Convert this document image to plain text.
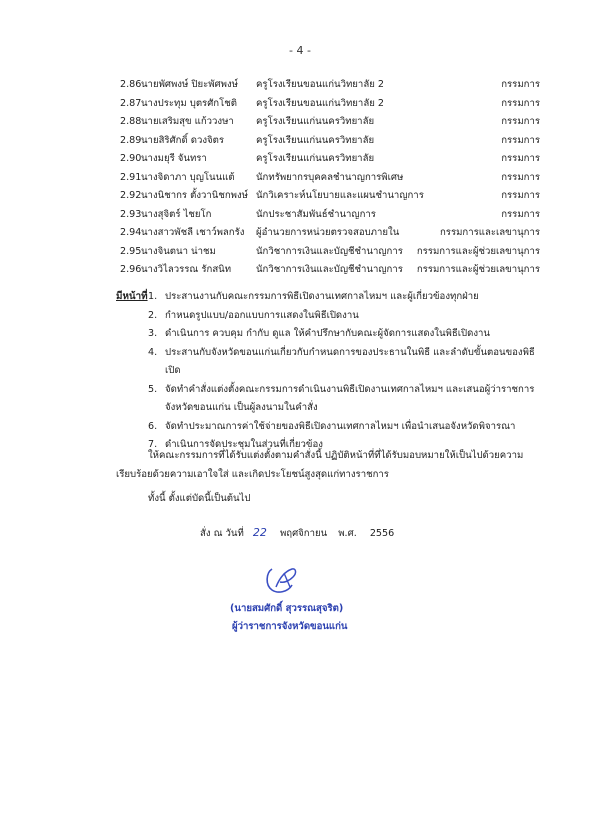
- 4 -
2.86 นายพัศพงษ์ ปิยะพัศพงษ์ ครูโรงเรียนขอนแก่นวิทยาลัย 2	กรรมการ
2.87 นางประทุม บุตรศักโชติ ครูโรงเรียนขอนแก่นวิทยาลัย 2	กรรมการ
2.88 นายเสริมสุข แก้ววงษา ครูโรงเรียนแก่นนครวิทยาลัย	กรรมการ
2.89 นายสิริศักดิ์ ดวงจิตร	ครูโรงเรียนแก่นนครวิทยาลัย	กรรมการ
2.90 นางมยุรี จันทรา	ครูโรงเรียนแก่นนครวิทยาลัย	กรรมการ
2.91 นางจิดาภา บุญโนนแต้ นักทรัพยากรบุคคลชำนาญการพิเศษ	กรรมการ
2.92 นางนิชากร ตั้งวานิชกพงษ์ นักวิเคราะห์นโยบายและแผนชำนาญการ	กรรมการ
2.93 นางสุจิตร์ ไชยโก	นักประชาสัมพันธ์ชำนาญการ	กรรมการ
2.94 นางสาวพัชลี เชาว์พลกรัง ผู้อำนวยการหน่วยตรวจสอบภายใน	กรรมการและเลขานุการ
2.95 นางจินตนา น่าชม	นักวิชาการเงินและบัญชีชำนาญการ กรรมการและผู้ช่วยเลขานุการ
2.96 นางวิไลวรรณ รักสนิท	นักวิชาการเงินและบัญชีชำนาญการ กรรมการและผู้ช่วยเลขานุการ
มีหน้าที่ 1. ประสานงานกับคณะกรรมการพิธีเปิดงานเทศกาลไหมฯ และผู้เกี่ยวข้องทุกฝ่าย
2. กำหนดรูปแบบ/ออกแบบการแสดงในพิธีเปิดงาน
3. ดำเนินการ ควบคุม กำกับ ดูแล ให้คำปรึกษากับคณะผู้จัดการแสดงในพิธีเปิดงาน
4. ประสานกับจังหวัดขอนแก่นเกี่ยวกับกำหนดการของประธานในพิธี และลำดับขั้นตอนของพิธีเปิด
5. จัดทำคำสั่งแต่งตั้งคณะกรรมการดำเนินงานพิธีเปิดงานเทศกาลไหมฯ และเสนอผู้ว่าราชการจังหวัดขอนแก่น เป็นผู้ลงนามในคำสั่ง
6. จัดทำประมาณการค่าใช้จ่ายของพิธีเปิดงานเทศกาลไหมฯ เพื่อนำเสนอจังหวัดพิจารณา
7. ดำเนินการจัดประชุมในส่วนที่เกี่ยวข้อง
ให้คณะกรรมการที่ได้รับแต่งตั้งตามคำสั่งนี้ ปฏิบัติหน้าที่ที่ได้รับมอบหมายให้เป็นไปด้วยความเรียบร้อยด้วยความเอาใจใส่ และเกิดประโยชน์สูงสุดแก่ทางราชการ
ทั้งนี้ ตั้งแต่บัดนี้เป็นต้นไป
สั่ง ณ วันที่ 22 พฤศจิกายน พ.ศ. 2556
(นายสมศักดิ์ สุวรรณสุจริต)
ผู้ว่าราชการจังหวัดขอนแก่น
